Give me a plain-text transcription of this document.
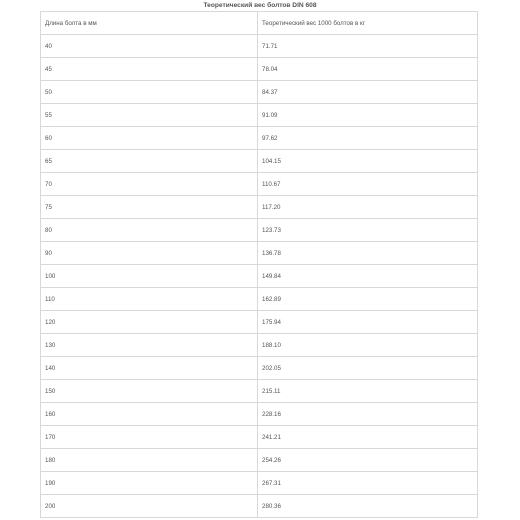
Теоретический вес болтов DIN 608
Длина болта в мм	Теоретический вес 1000 болтов в кг
40	71.71
45	78.04
50	84.37
55	91.09
60	97.62
65	104.15
70	110.67
75	117.20
80	123.73
90	136.78
100	149.84
110	162.89
120	175.94
130	188.10
140	202.05
150	215.11
160	228.16
170	241.21
180	254.26
190	267.31
200	280.36
